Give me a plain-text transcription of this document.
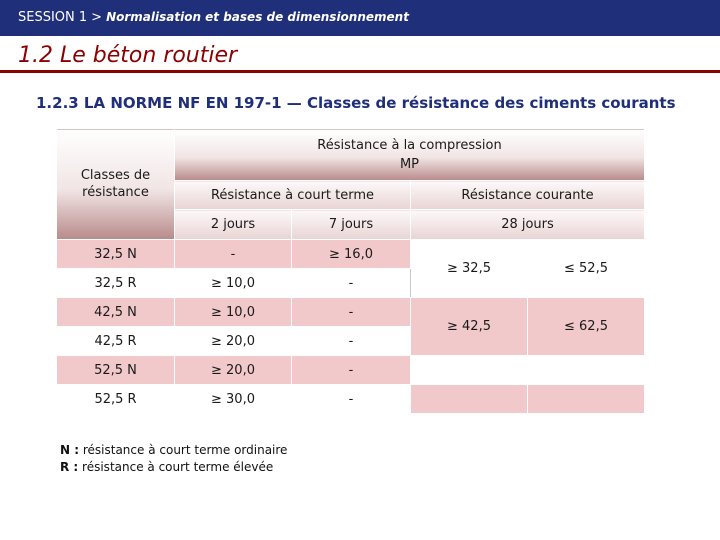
SESSION 1 > Normalisation et bases de dimensionnement
1.2 Le béton routier
1.2.3 LA NORME NF EN 197-1 — Classes de résistance des ciments courants
Classes de résistance	Résistance à la compression
MP			

	Résistance à court terme		Résistance courante	
	2 jours	7 jours	28 jours	
32,5 N	-	≥ 16,0	≥ 32,5	≤ 52,5
32,5 R	≥ 10,0	-		
42,5 N	≥ 10,0	-	≥ 42,5	≤ 62,5
42,5 R	≥ 20,0	-		
52,5 N	≥ 20,0	-		
52,5 R	≥ 30,0	-		
N : résistance à court terme ordinaire
R : résistance à court terme élevée
